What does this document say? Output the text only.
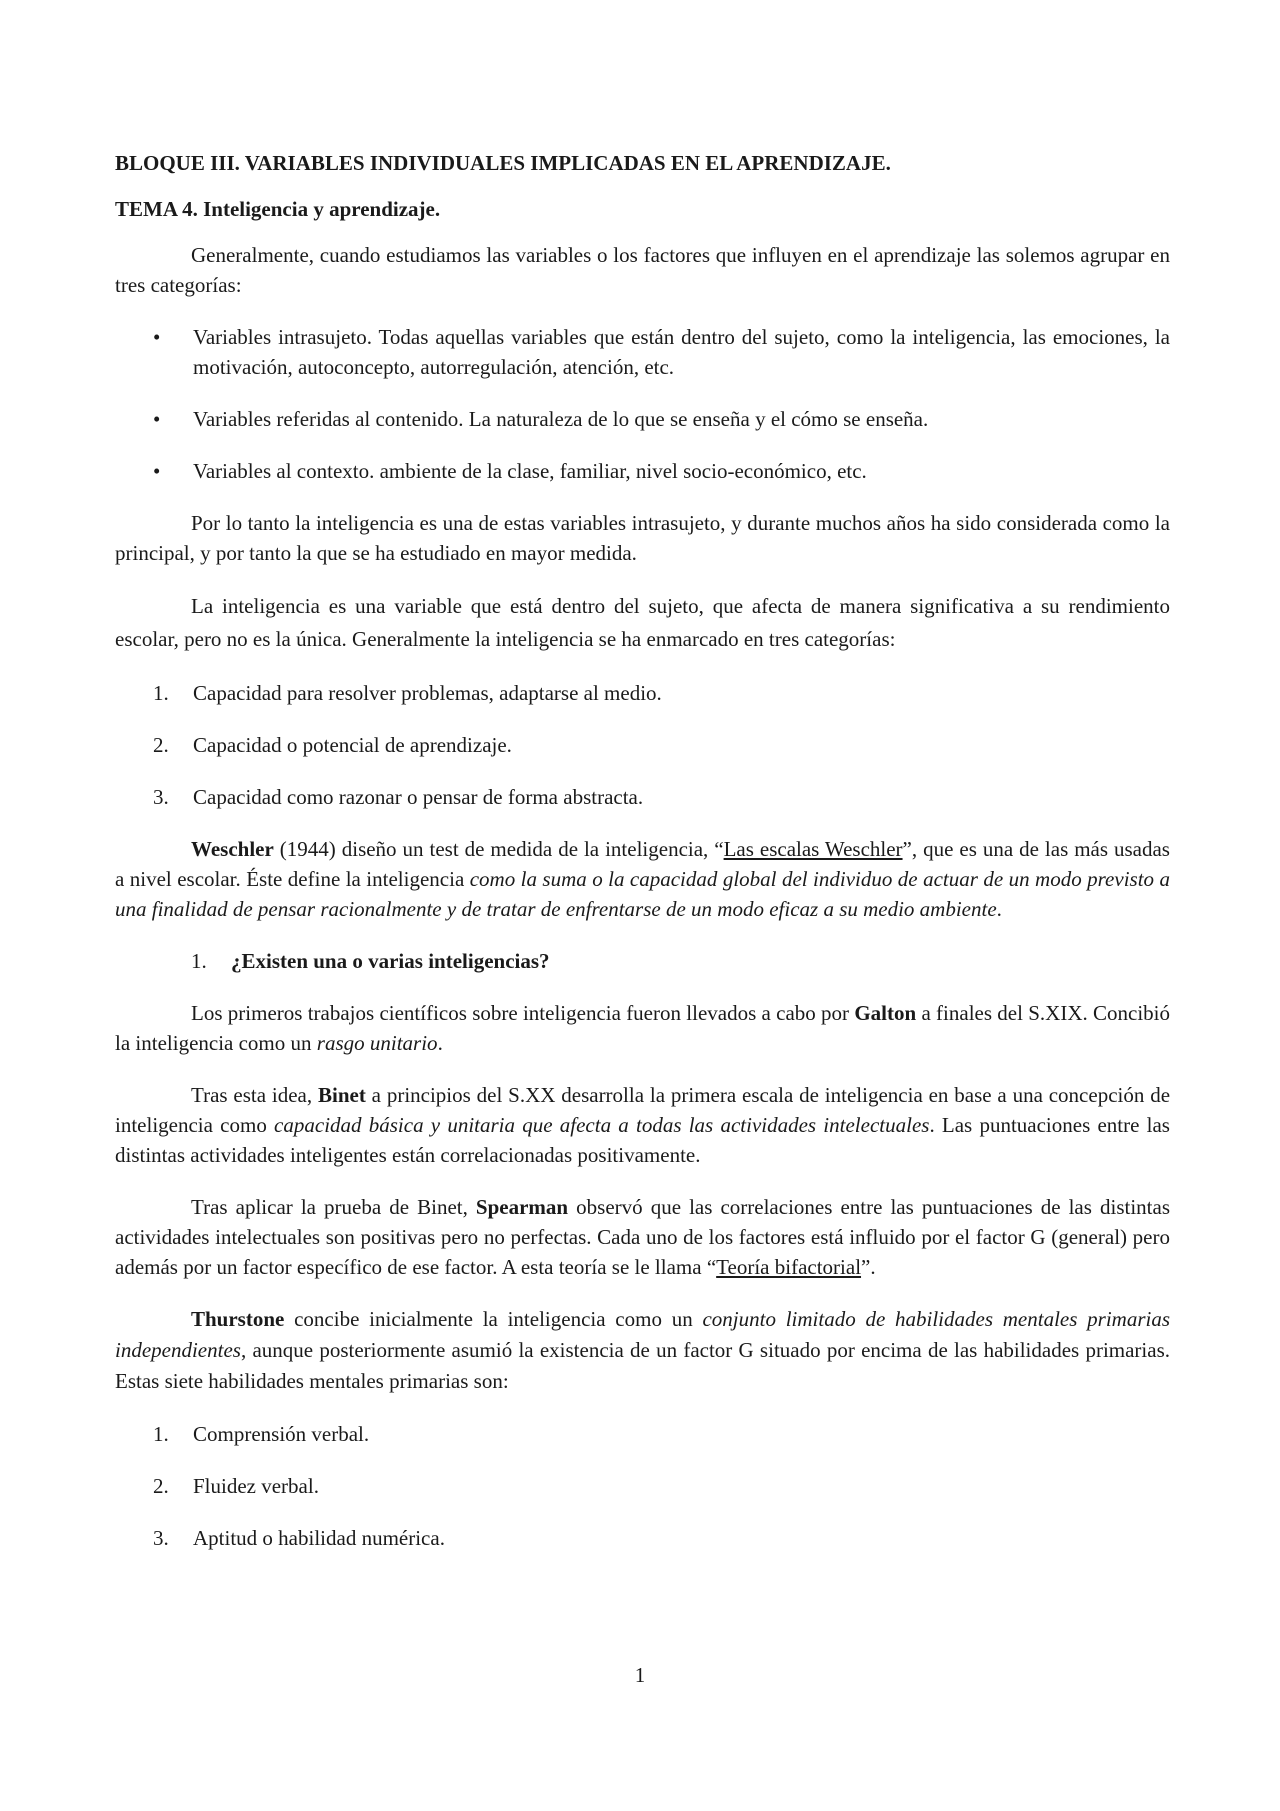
BLOQUE III. VARIABLES INDIVIDUALES IMPLICADAS EN EL APRENDIZAJE.

TEMA 4. Inteligencia y aprendizaje.

Generalmente, cuando estudiamos las variables o los factores que influyen en el aprendizaje las solemos agrupar en tres categorías:

• Variables intrasujeto. Todas aquellas variables que están dentro del sujeto, como la inteligencia, las emociones, la motivación, autoconcepto, autorregulación, atención, etc.
• Variables referidas al contenido. La naturaleza de lo que se enseña y el cómo se enseña.
• Variables al contexto. ambiente de la clase, familiar, nivel socio-económico, etc.

Por lo tanto la inteligencia es una de estas variables intrasujeto, y durante muchos años ha sido considerada como la principal, y por tanto la que se ha estudiado en mayor medida.

La inteligencia es una variable que está dentro del sujeto, que afecta de manera significativa a su rendimiento escolar, pero no es la única. Generalmente la inteligencia se ha enmarcado en tres categorías:

1. Capacidad para resolver problemas, adaptarse al medio.
2. Capacidad o potencial de aprendizaje.
3. Capacidad como razonar o pensar de forma abstracta.

Weschler (1944) diseño un test de medida de la inteligencia, “Las escalas Weschler”, que es una de las más usadas a nivel escolar. Éste define la inteligencia como la suma o la capacidad global del individuo de actuar de un modo previsto a una finalidad de pensar racionalmente y de tratar de enfrentarse de un modo eficaz a su medio ambiente.

1. ¿Existen una o varias inteligencias?

Los primeros trabajos científicos sobre inteligencia fueron llevados a cabo por Galton a finales del S.XIX. Concibió la inteligencia como un rasgo unitario.

Tras esta idea, Binet a principios del S.XX desarrolla la primera escala de inteligencia en base a una concepción de inteligencia como capacidad básica y unitaria que afecta a todas las actividades intelectuales. Las puntuaciones entre las distintas actividades inteligentes están correlacionadas positivamente.

Tras aplicar la prueba de Binet, Spearman observó que las correlaciones entre las puntuaciones de las distintas actividades intelectuales son positivas pero no perfectas. Cada uno de los factores está influido por el factor G (general) pero además por un factor específico de ese factor. A esta teoría se le llama “Teoría bifactorial”.

Thurstone concibe inicialmente la inteligencia como un conjunto limitado de habilidades mentales primarias independientes, aunque posteriormente asumió la existencia de un factor G situado por encima de las habilidades primarias. Estas siete habilidades mentales primarias son:

1. Comprensión verbal.
2. Fluidez verbal.
3. Aptitud o habilidad numérica.
1
